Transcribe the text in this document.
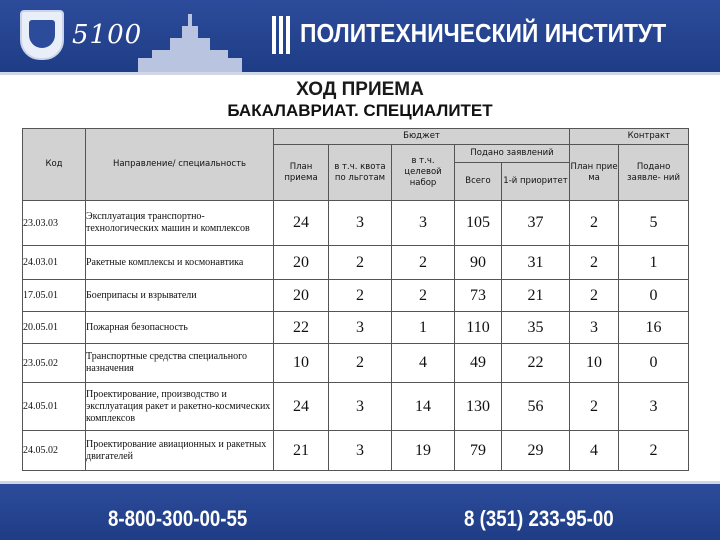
5100	ПОЛИТЕХНИЧЕСКИЙ ИНСТИТУТ
ХОД ПРИЕМА
БАКАЛАВРИАТ. СПЕЦИАЛИТЕТ
Код	Направление/ специальность	Бюджет					Контракт	
		План приема	в т.ч. квота по льготам	в т.ч. целевой набор	Подано заявлений		План прие ма	Подано заявле- ний
					Всего	1-й приоритет		
23.03.03	Эксплуатация транспортно-технологических машин и комплексов	24	3	3	105	37	2	5
24.03.01	Ракетные комплексы и космонавтика	20	2	2	90	31	2	1
17.05.01	Боеприпасы и взрыватели	20	2	2	73	21	2	0
20.05.01	Пожарная безопасность	22	3	1	110	35	3	16
23.05.02	Транспортные средства специального назначения	10	2	4	49	22	10	0
24.05.01	Проектирование, производство и эксплуатация ракет и ракетно-космических комплексов	24	3	14	130	56	2	3
24.05.02	Проектирование авиационных и ракетных двигателей	21	3	19	79	29	4	2
8-800-300-00-55	8 (351) 233-95-00
